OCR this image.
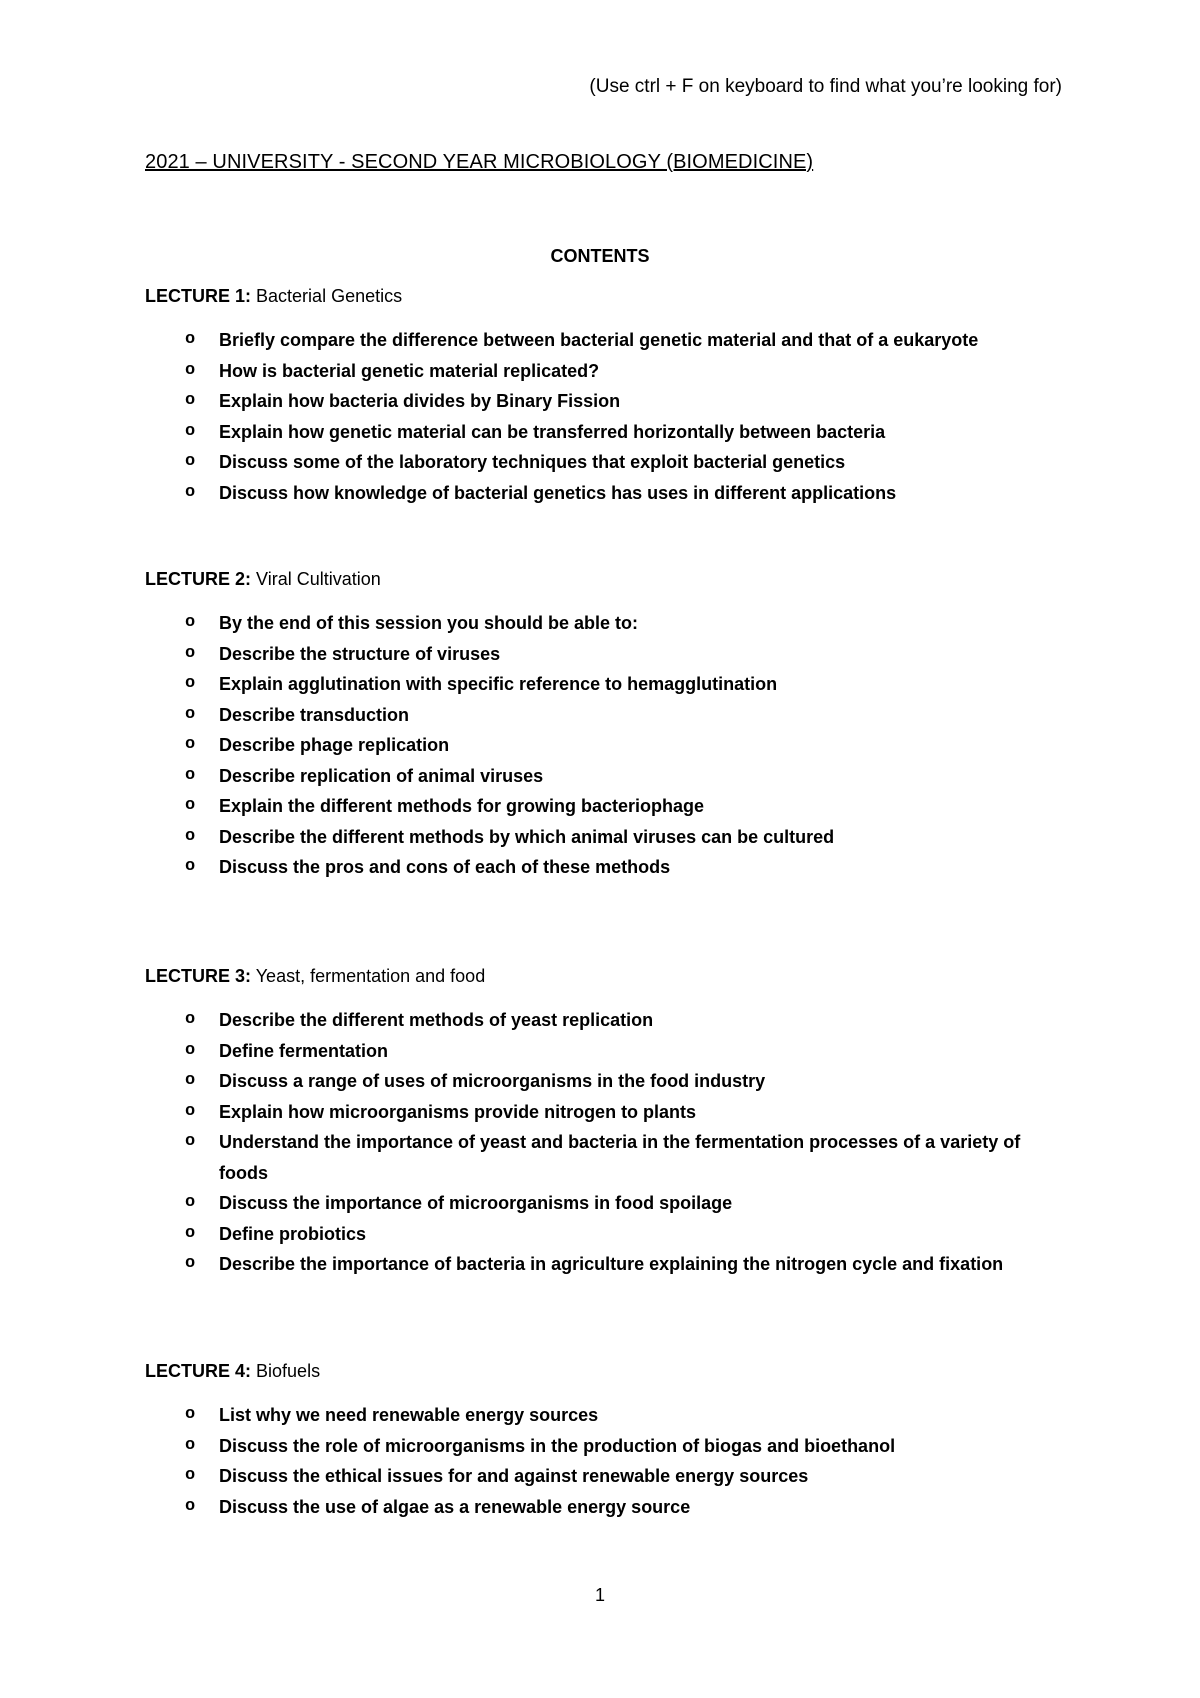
(Use ctrl + F on keyboard to find what you’re looking for)
2021 – UNIVERSITY - SECOND YEAR MICROBIOLOGY (BIOMEDICINE)
CONTENTS
LECTURE 1: Bacterial Genetics
o Briefly compare the difference between bacterial genetic material and that of a eukaryote
o How is bacterial genetic material replicated?
o Explain how bacteria divides by Binary Fission
o Explain how genetic material can be transferred horizontally between bacteria
o Discuss some of the laboratory techniques that exploit bacterial genetics
o Discuss how knowledge of bacterial genetics has uses in different applications
LECTURE 2: Viral Cultivation
o By the end of this session you should be able to:
o Describe the structure of viruses
o Explain agglutination with specific reference to hemagglutination
o Describe transduction
o Describe phage replication
o Describe replication of animal viruses
o Explain the different methods for growing bacteriophage
o Describe the different methods by which animal viruses can be cultured
o Discuss the pros and cons of each of these methods
LECTURE 3: Yeast, fermentation and food
o Describe the different methods of yeast replication
o Define fermentation
o Discuss a range of uses of microorganisms in the food industry
o Explain how microorganisms provide nitrogen to plants
o Understand the importance of yeast and bacteria in the fermentation processes of a variety of foods
o Discuss the importance of microorganisms in food spoilage
o Define probiotics
o Describe the importance of bacteria in agriculture explaining the nitrogen cycle and fixation
LECTURE 4: Biofuels
o List why we need renewable energy sources
o Discuss the role of microorganisms in the production of biogas and bioethanol
o Discuss the ethical issues for and against renewable energy sources
o Discuss the use of algae as a renewable energy source
1
